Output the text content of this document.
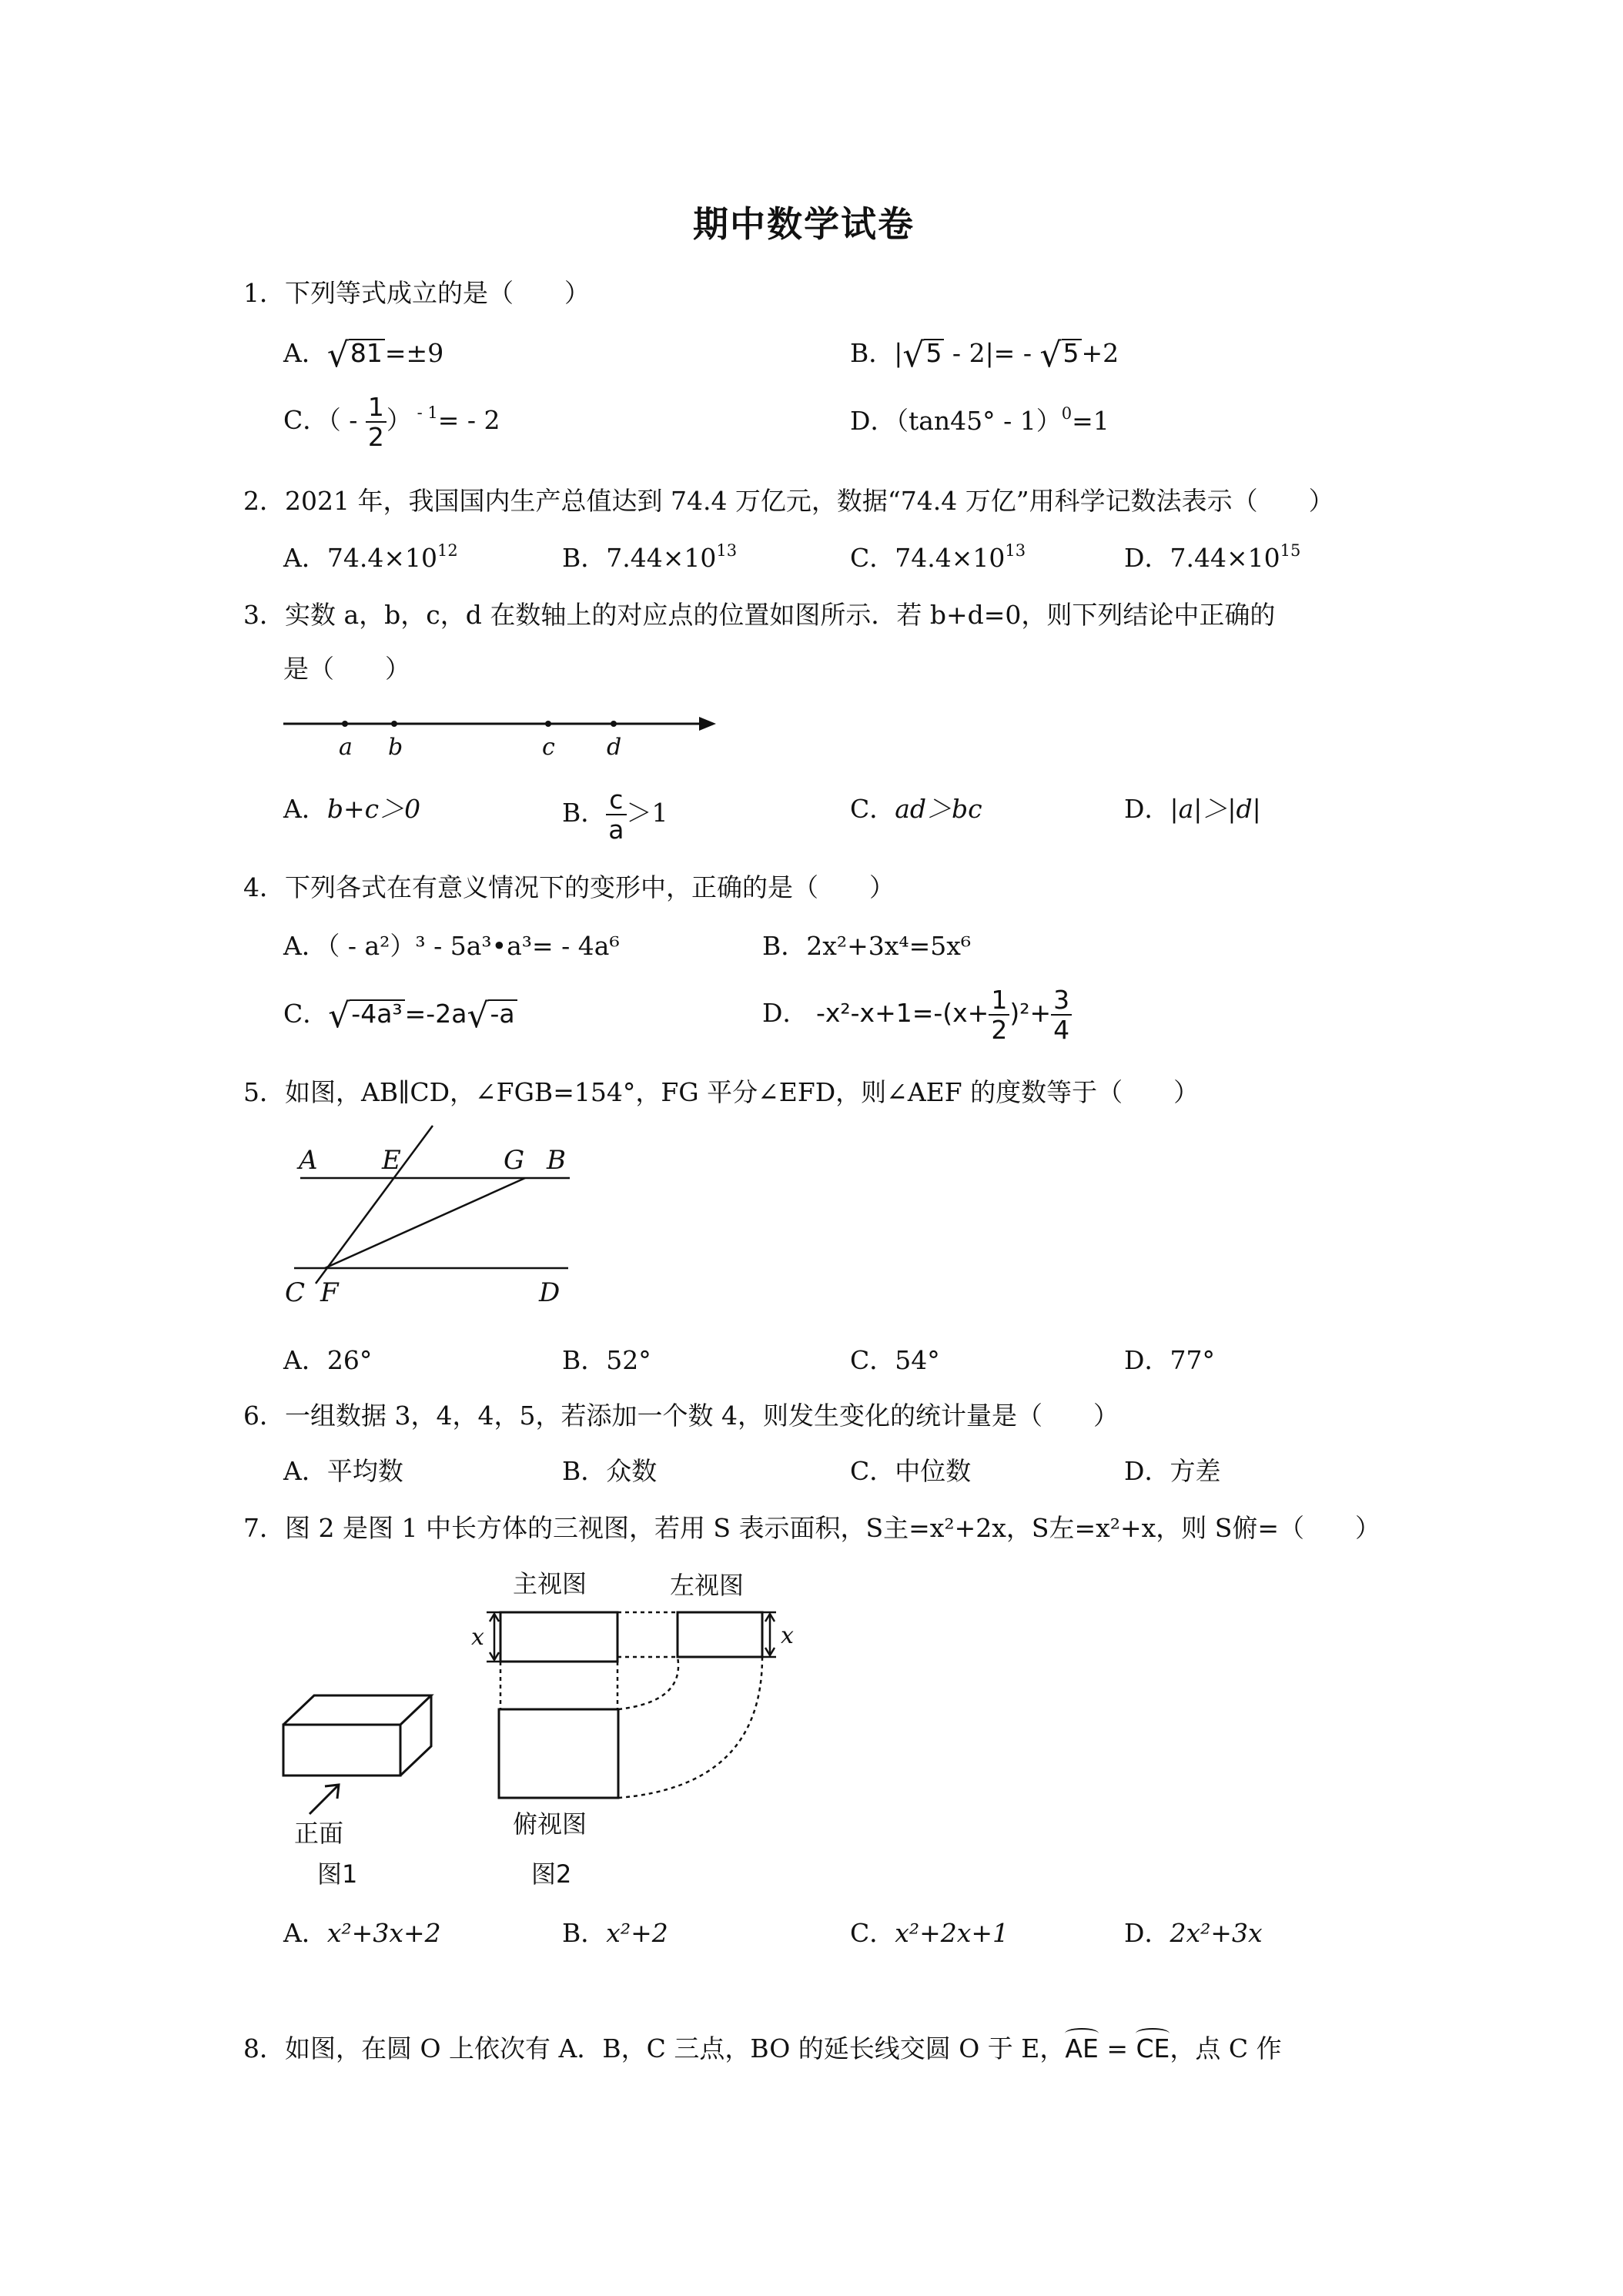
期中数学试卷
1．下列等式成立的是（　　）
A．√81=±9	B．|√5 - 2|= - √5+2
C．（ - $\frac{1}{2}$ ） $^{- 1}$= - 2	D．（tan45° - 1）$^0$=1
2．2021 年，我国国内生产总值达到 74.4 万亿元，数据“74.4 万亿”用科学记数法表示（　　）
A．$74.4\times 10^{12}$	B．$7.44\times 10^{13}$	C．$74.4\times 10^{13}$	D．$7.44\times 10^{15}$
3．实数 a，b，c，d 在数轴上的对应点的位置如图所示．若 b+d=0，则下列结论中正确的
是（　　）
a b	c d
A．b+c＞0	B． $\frac{c}{a} >1$	C．ad＞bc	D．|a|＞|d|
4．下列各式在有意义情况下的变形中，正确的是（　　）
A．（ - a²）³ - 5a³•a³= - 4a⁶	B．2x²+3x⁴=5x⁶
C．√-4a³=-2a√-a	D． $-x^2-x+1=-(x+ \frac{1}{2} )^2+ \frac{3}{4}$
5．如图，AB∥CD，∠FGB=154°，FG 平分∠EFD，则∠AEF 的度数等于（　　）
A E	G B
C F	D
A．26°	B．52°	C．54°	D．77°
6．一组数据 3，4，4，5，若添加一个数 4，则发生变化的统计量是（　　）
A．平均数	B．众数	C．中位数	D．方差
7．图 2 是图 1 中长方体的三视图，若用 S 表示面积，S主=x²+2x，S左=x²+x，则 S俯=（　　）
正面
图1
主视图	左视图
x	x
俯视图
图2
A．x²+3x+2	B．x²+2	C．x²+2x+1	D．2x²+3x
8．如图，在圆 O 上依次有 A．B，C 三点，BO 的延长线交圆 O 于 E，AE = CE，点 C 作
